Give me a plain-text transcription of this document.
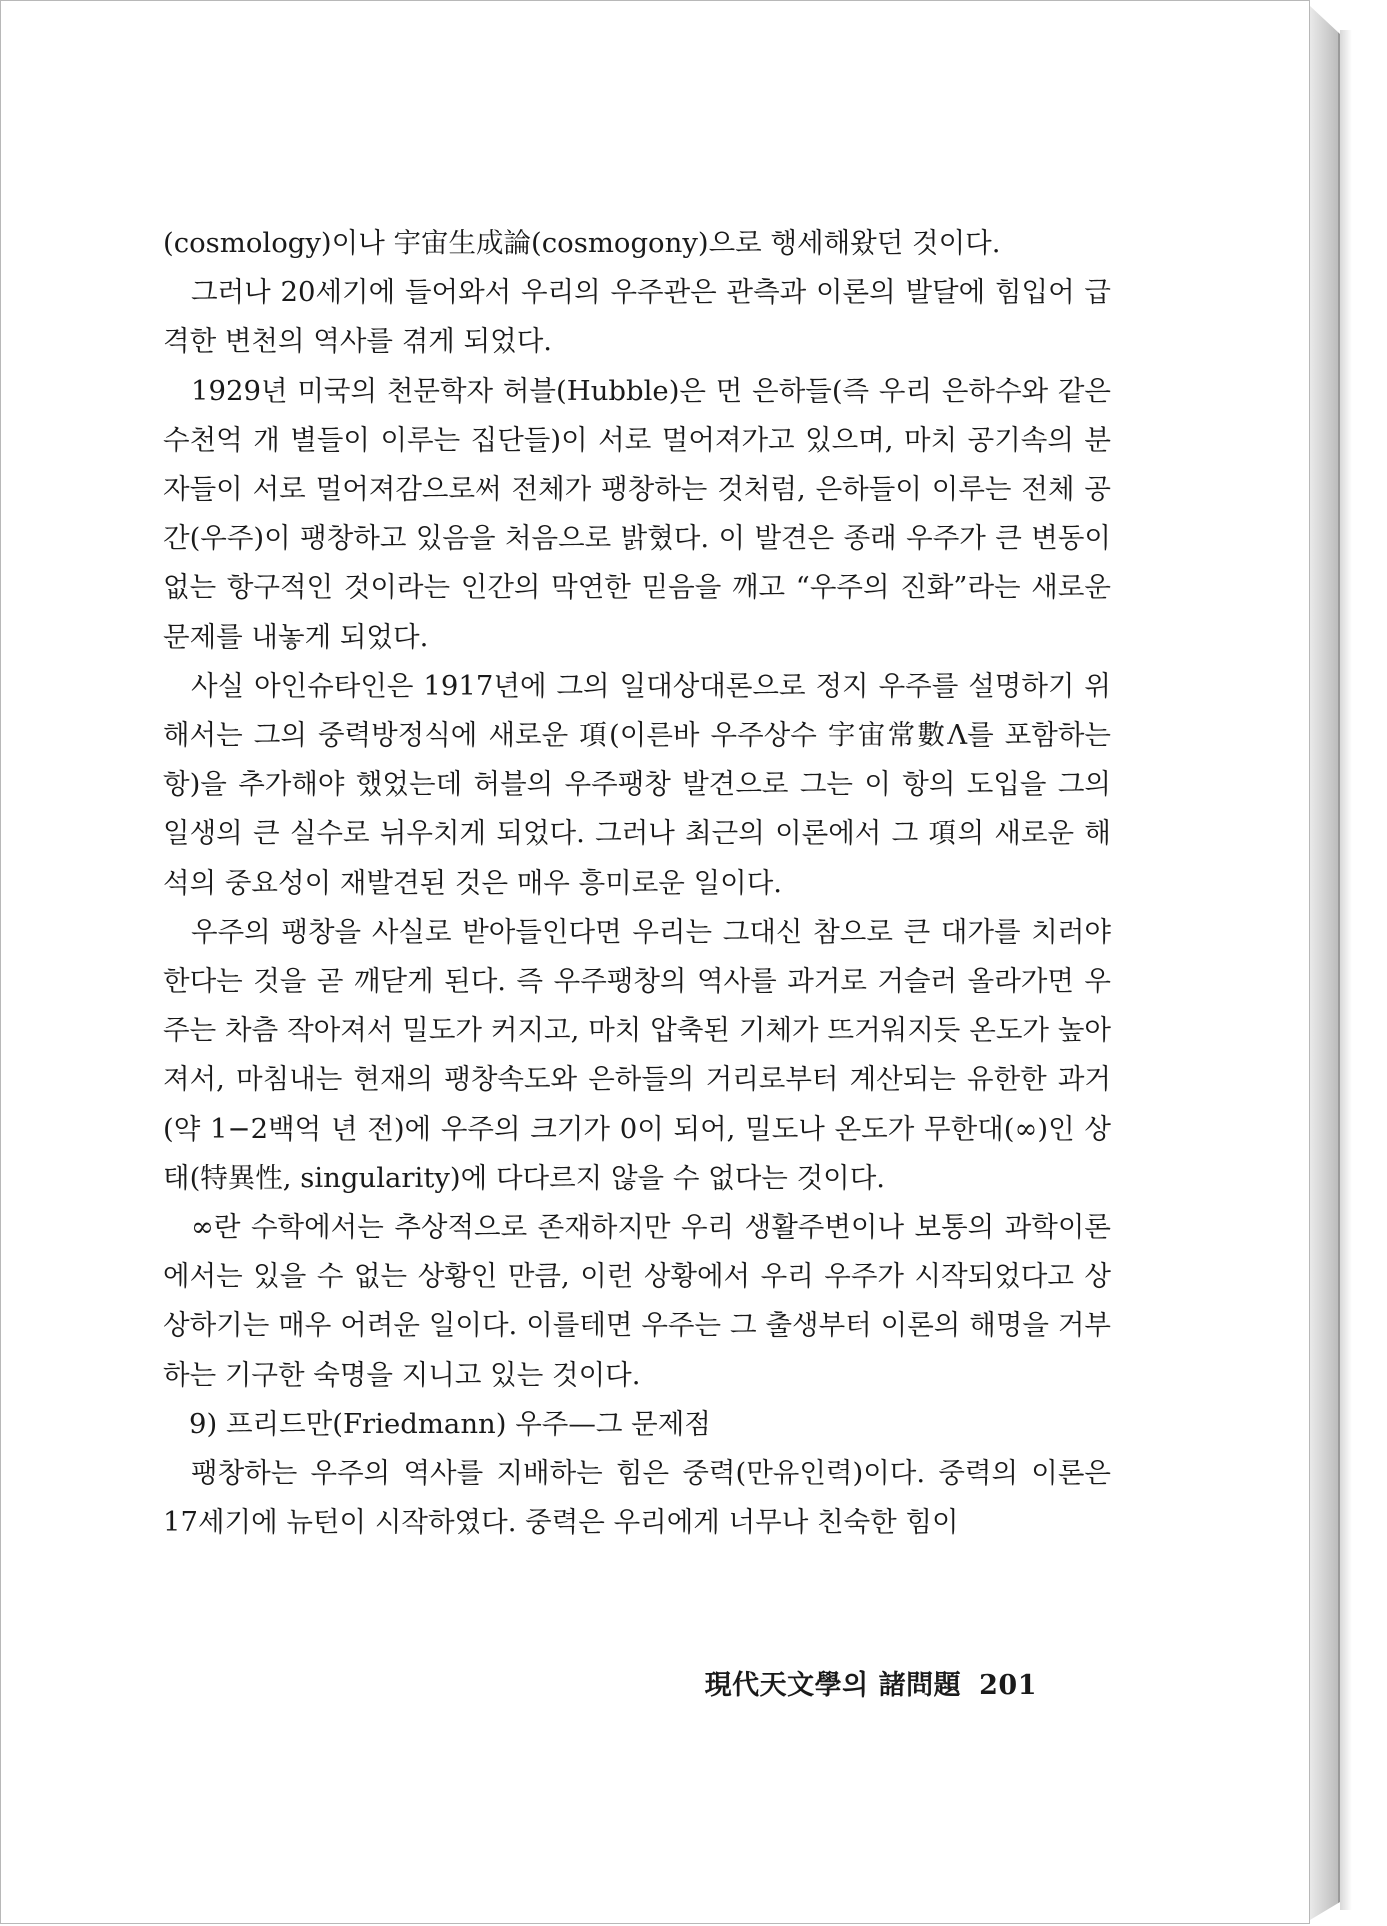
(cosmology)이나 宇宙生成論(cosmogony)으로 행세해왔던 것이다.

그러나 20세기에 들어와서 우리의 우주관은 관측과 이론의 발달에 힘입어 급격한 변천의 역사를 겪게 되었다.

1929년 미국의 천문학자 허블(Hubble)은 먼 은하들(즉 우리 은하수와 같은 수천억 개 별들이 이루는 집단들)이 서로 멀어져가고 있으며, 마치 공기속의 분자들이 서로 멀어져감으로써 전체가 팽창하는 것처럼, 은하들이 이루는 전체 공간(우주)이 팽창하고 있음을 처음으로 밝혔다. 이 발견은 종래 우주가 큰 변동이 없는 항구적인 것이라는 인간의 막연한 믿음을 깨고 “우주의 진화”라는 새로운 문제를 내놓게 되었다.

사실 아인슈타인은 1917년에 그의 일대상대론으로 정지 우주를 설명하기 위해서는 그의 중력방정식에 새로운 項(이른바 우주상수 宇宙常數Λ를 포함하는 항)을 추가해야 했었는데 허블의 우주팽창 발견으로 그는 이 항의 도입을 그의 일생의 큰 실수로 뉘우치게 되었다. 그러나 최근의 이론에서 그 項의 새로운 해석의 중요성이 재발견된 것은 매우 흥미로운 일이다.

우주의 팽창을 사실로 받아들인다면 우리는 그대신 참으로 큰 대가를 치러야 한다는 것을 곧 깨닫게 된다. 즉 우주팽창의 역사를 과거로 거슬러 올라가면 우주는 차츰 작아져서 밀도가 커지고, 마치 압축된 기체가 뜨거워지듯 온도가 높아져서, 마침내는 현재의 팽창속도와 은하들의 거리로부터 계산되는 유한한 과거(약 1−2백억 년 전)에 우주의 크기가 0이 되어, 밀도나 온도가 무한대(∞)인 상태(特異性, singularity)에 다다르지 않을 수 없다는 것이다.

∞란 수학에서는 추상적으로 존재하지만 우리 생활주변이나 보통의 과학이론에서는 있을 수 없는 상황인 만큼, 이런 상황에서 우리 우주가 시작되었다고 상상하기는 매우 어려운 일이다. 이를테면 우주는 그 출생부터 이론의 해명을 거부하는 기구한 숙명을 지니고 있는 것이다.

9) 프리드만(Friedmann) 우주—그 문제점

팽창하는 우주의 역사를 지배하는 힘은 중력(만유인력)이다. 중력의 이론은 17세기에 뉴턴이 시작하였다. 중력은 우리에게 너무나 친숙한 힘이

現代天文學의 諸問題 201
